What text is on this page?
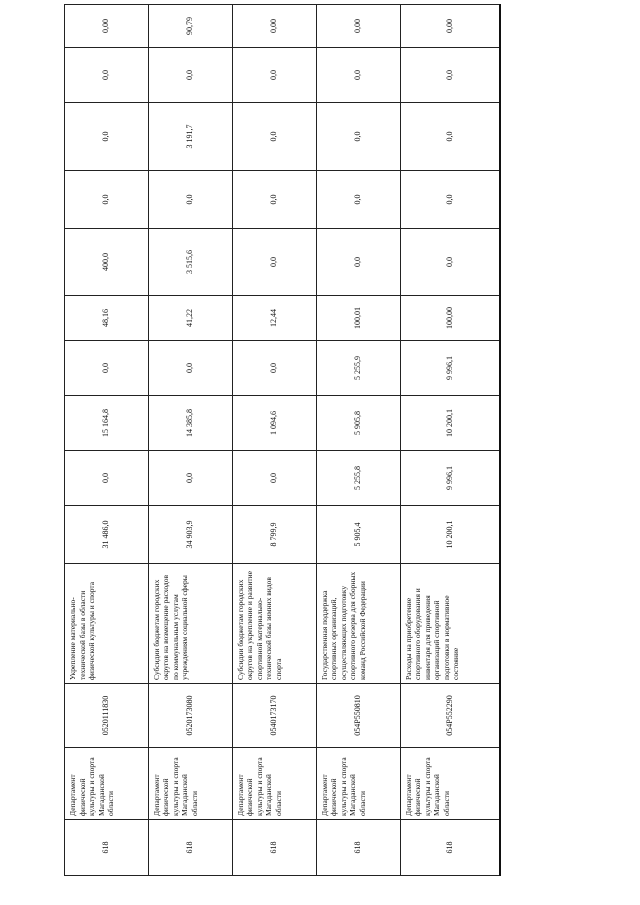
618	Департамент физической культуры и спорта Магаданской области	0520111830	Укрепление материально-технической базы в области физической культуры и спорта	31 486,0	0,0	15 164,8	0,0	48,16	400,0	0,0	0,0	0,0	0,00
618	Департамент физической культуры и спорта Магаданской области	0520173080	Субсидии бюджетам городских округов на возмещение расходов по коммунальным услугам учреждениям социальной сферы	34 903,9	0,0	14 385,8	0,0	41,22	3 515,6	0,0	3 191,7	0,0	90,79
618	Департамент физической культуры и спорта Магаданской области	0540173170	Субсидии бюджетам городских округов на укрепление и развитие спортивной материально-технической базы зимних видов спорта	8 799,9	0,0	1 094,6	0,0	12,44	0,0	0,0	0,0	0,0	0,00
618	Департамент физической культуры и спорта Магаданской области	054P550810	Государственная поддержка спортивных организаций, осуществляющих подготовку спортивного резерва для сборных команд Российской Федерации	5 905,4	5 255,8	5 905,8	5 255,9	100,01	0,0	0,0	0,0	0,0	0,00
618	Департамент физической культуры и спорта Магаданской области	054P552290	Расходы на приобретение спортивного оборудования и инвентаря для приведения организаций спортивной подготовки в нормативное состояние	10 200,1	9 996,1	10 200,1	9 996,1	100,00	0,0	0,0	0,0	0,0	0,00
